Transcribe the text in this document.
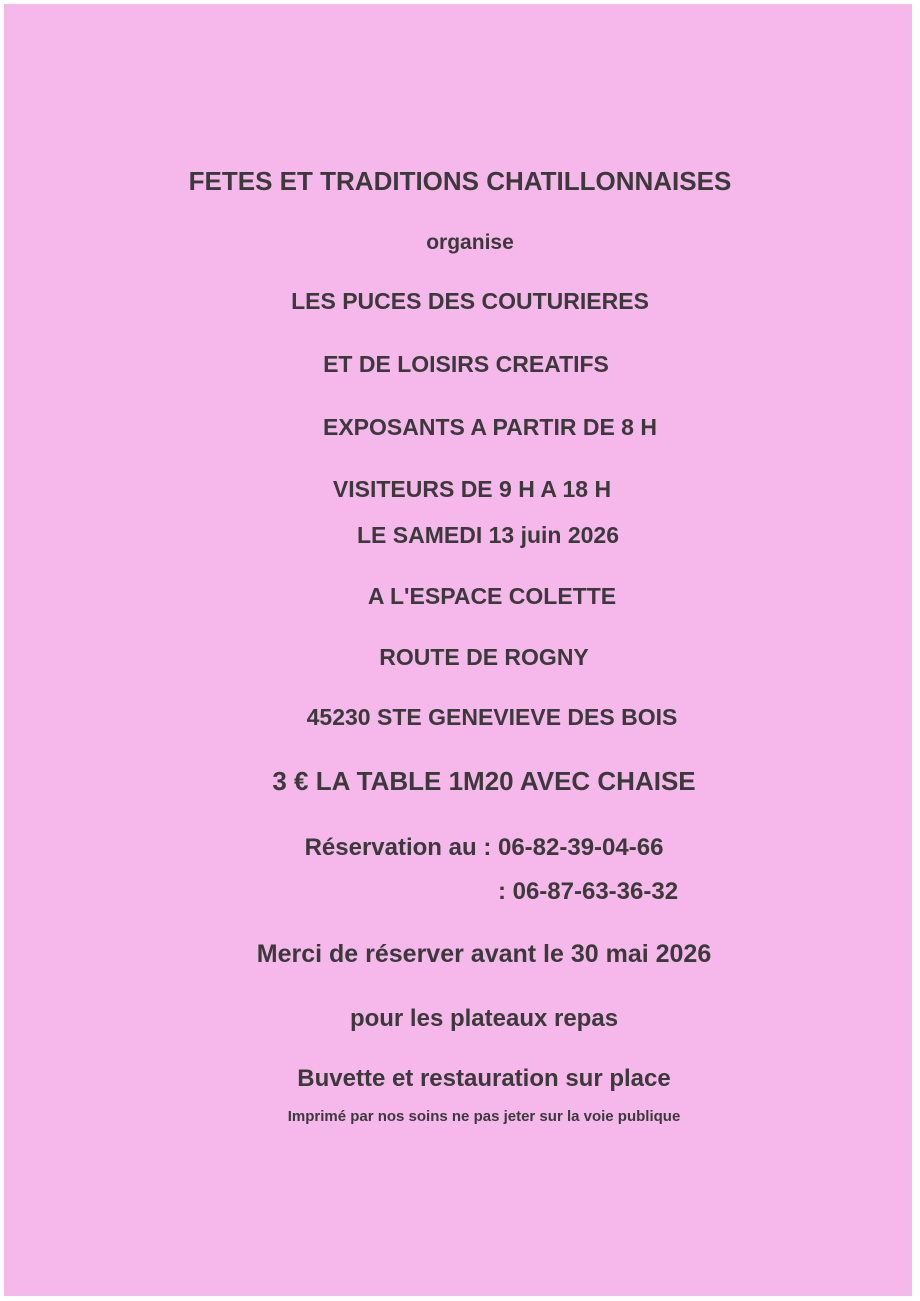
FETES ET TRADITIONS CHATILLONNAISES
organise
LES PUCES DES COUTURIERES
ET DE LOISIRS CREATIFS
EXPOSANTS A PARTIR DE 8 H
VISITEURS DE 9 H A 18 H
LE SAMEDI 13 juin 2026
A L'ESPACE COLETTE
ROUTE DE ROGNY
45230 STE GENEVIEVE DES BOIS
3 € LA TABLE 1M20 AVEC CHAISE
Réservation au : 06-82-39-04-66
: 06-87-63-36-32
Merci de réserver avant le 30 mai 2026
pour les plateaux repas
Buvette et restauration sur place
Imprimé par nos soins ne pas jeter sur la voie publique
